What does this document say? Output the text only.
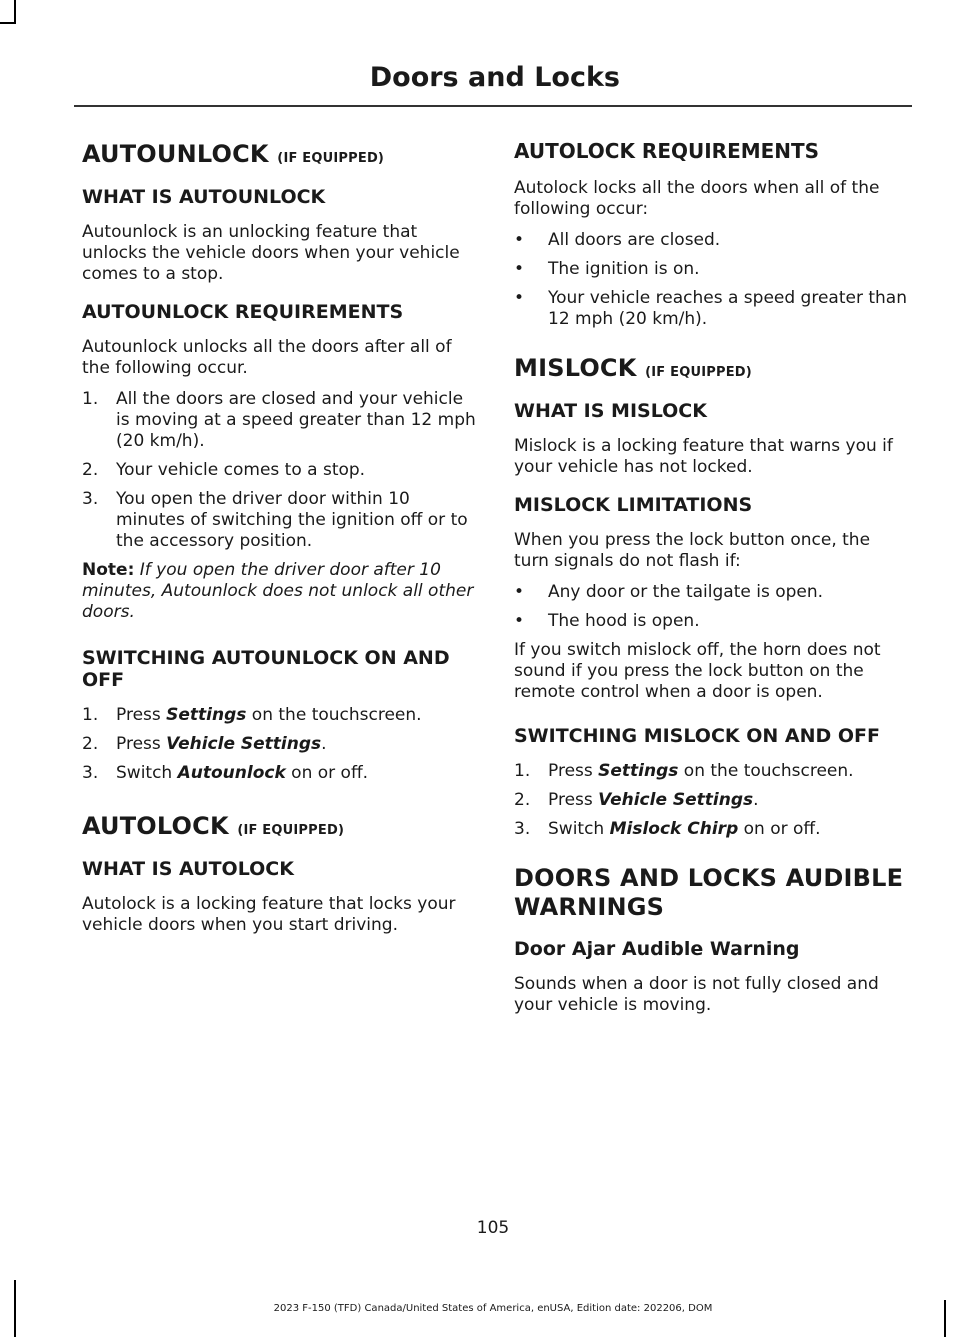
Doors and Locks
AUTOUNLOCK (IF EQUIPPED)
WHAT IS AUTOUNLOCK
Autounlock is an unlocking feature that unlocks the vehicle doors when your vehicle comes to a stop.
AUTOUNLOCK REQUIREMENTS
Autounlock unlocks all the doors after all of the following occur.
1. All the doors are closed and your vehicle is moving at a speed greater than 12 mph (20 km/h).
2. Your vehicle comes to a stop.
3. You open the driver door within 10 minutes of switching the ignition off or to the accessory position.
Note: If you open the driver door after 10 minutes, Autounlock does not unlock all other doors.
SWITCHING AUTOUNLOCK ON AND OFF
1. Press Settings on the touchscreen.
2. Press Vehicle Settings.
3. Switch Autounlock on or off.
AUTOLOCK (IF EQUIPPED)
WHAT IS AUTOLOCK
Autolock is a locking feature that locks your vehicle doors when you start driving.
AUTOLOCK REQUIREMENTS
Autolock locks all the doors when all of the following occur:
• All doors are closed.
• The ignition is on.
• Your vehicle reaches a speed greater than 12 mph (20 km/h).
MISLOCK (IF EQUIPPED)
WHAT IS MISLOCK
Mislock is a locking feature that warns you if your vehicle has not locked.
MISLOCK LIMITATIONS
When you press the lock button once, the turn signals do not flash if:
• Any door or the tailgate is open.
• The hood is open.
If you switch mislock off, the horn does not sound if you press the lock button on the remote control when a door is open.
SWITCHING MISLOCK ON AND OFF
1. Press Settings on the touchscreen.
2. Press Vehicle Settings.
3. Switch Mislock Chirp on or off.
DOORS AND LOCKS AUDIBLE
WARNINGS
Door Ajar Audible Warning
Sounds when a door is not fully closed and your vehicle is moving.
105
2023 F-150 (TFD) Canada/United States of America, enUSA, Edition date: 202206, DOM
